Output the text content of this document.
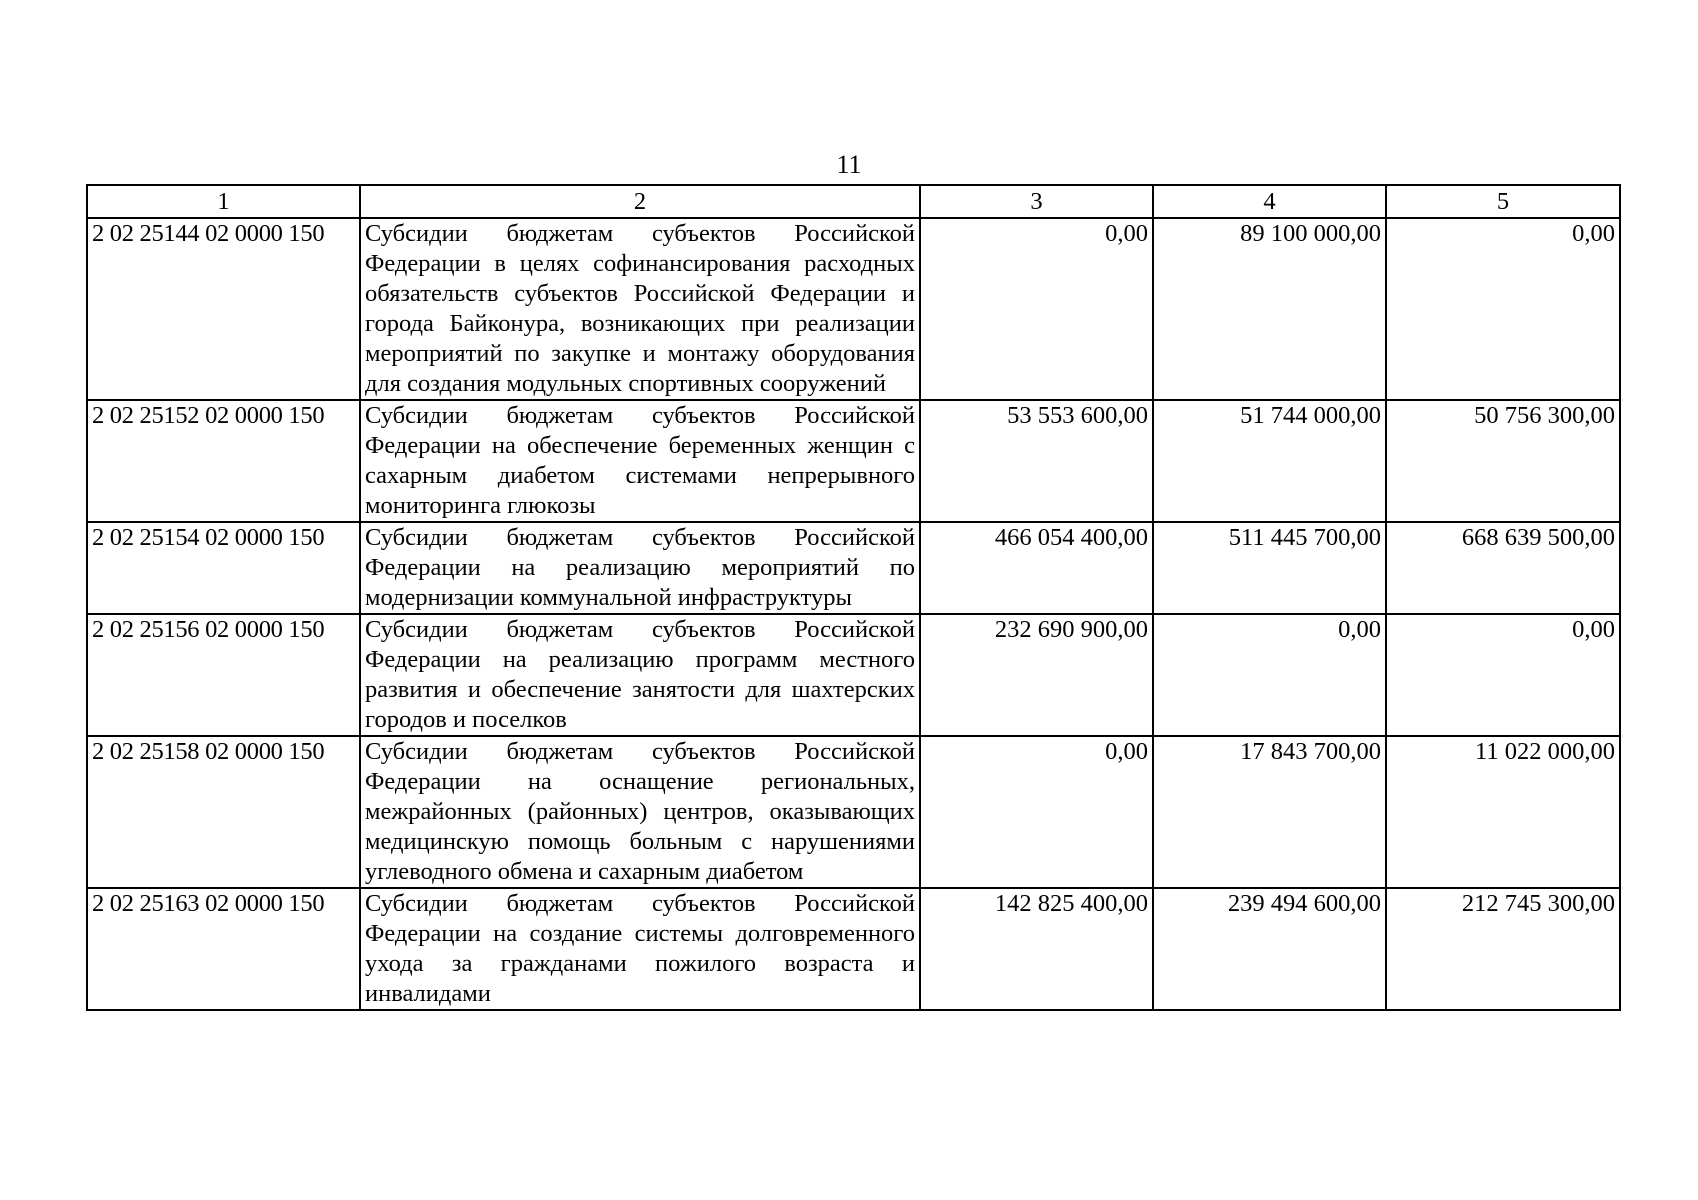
11
1	2	3	4	5
2 02 25144 02 0000 150	Субсидии бюджетам субъектов Российской Федерации в целях софинансирования расходных обязательств субъектов Российской Федерации и города Байконура, возникающих при реализации мероприятий по закупке и монтажу оборудования для создания модульных спортивных сооружений	0,00	89 100 000,00	0,00
2 02 25152 02 0000 150	Субсидии бюджетам субъектов Российской Федерации на обеспечение беременных женщин с сахарным диабетом системами непрерывного мониторинга глюкозы	53 553 600,00	51 744 000,00	50 756 300,00
2 02 25154 02 0000 150	Субсидии бюджетам субъектов Российской Федерации на реализацию мероприятий по модернизации коммунальной инфраструктуры	466 054 400,00	511 445 700,00	668 639 500,00
2 02 25156 02 0000 150	Субсидии бюджетам субъектов Российской Федерации на реализацию программ местного развития и обеспечение занятости для шахтерских городов и поселков	232 690 900,00	0,00	0,00
2 02 25158 02 0000 150	Субсидии бюджетам субъектов Российской Федерации на оснащение региональных, межрайонных (районных) центров, оказывающих медицинскую помощь больным с нарушениями углеводного обмена и сахарным диабетом	0,00	17 843 700,00	11 022 000,00
2 02 25163 02 0000 150	Субсидии бюджетам субъектов Российской Федерации на создание системы долговременного ухода за гражданами пожилого возраста и инвалидами	142 825 400,00	239 494 600,00	212 745 300,00
